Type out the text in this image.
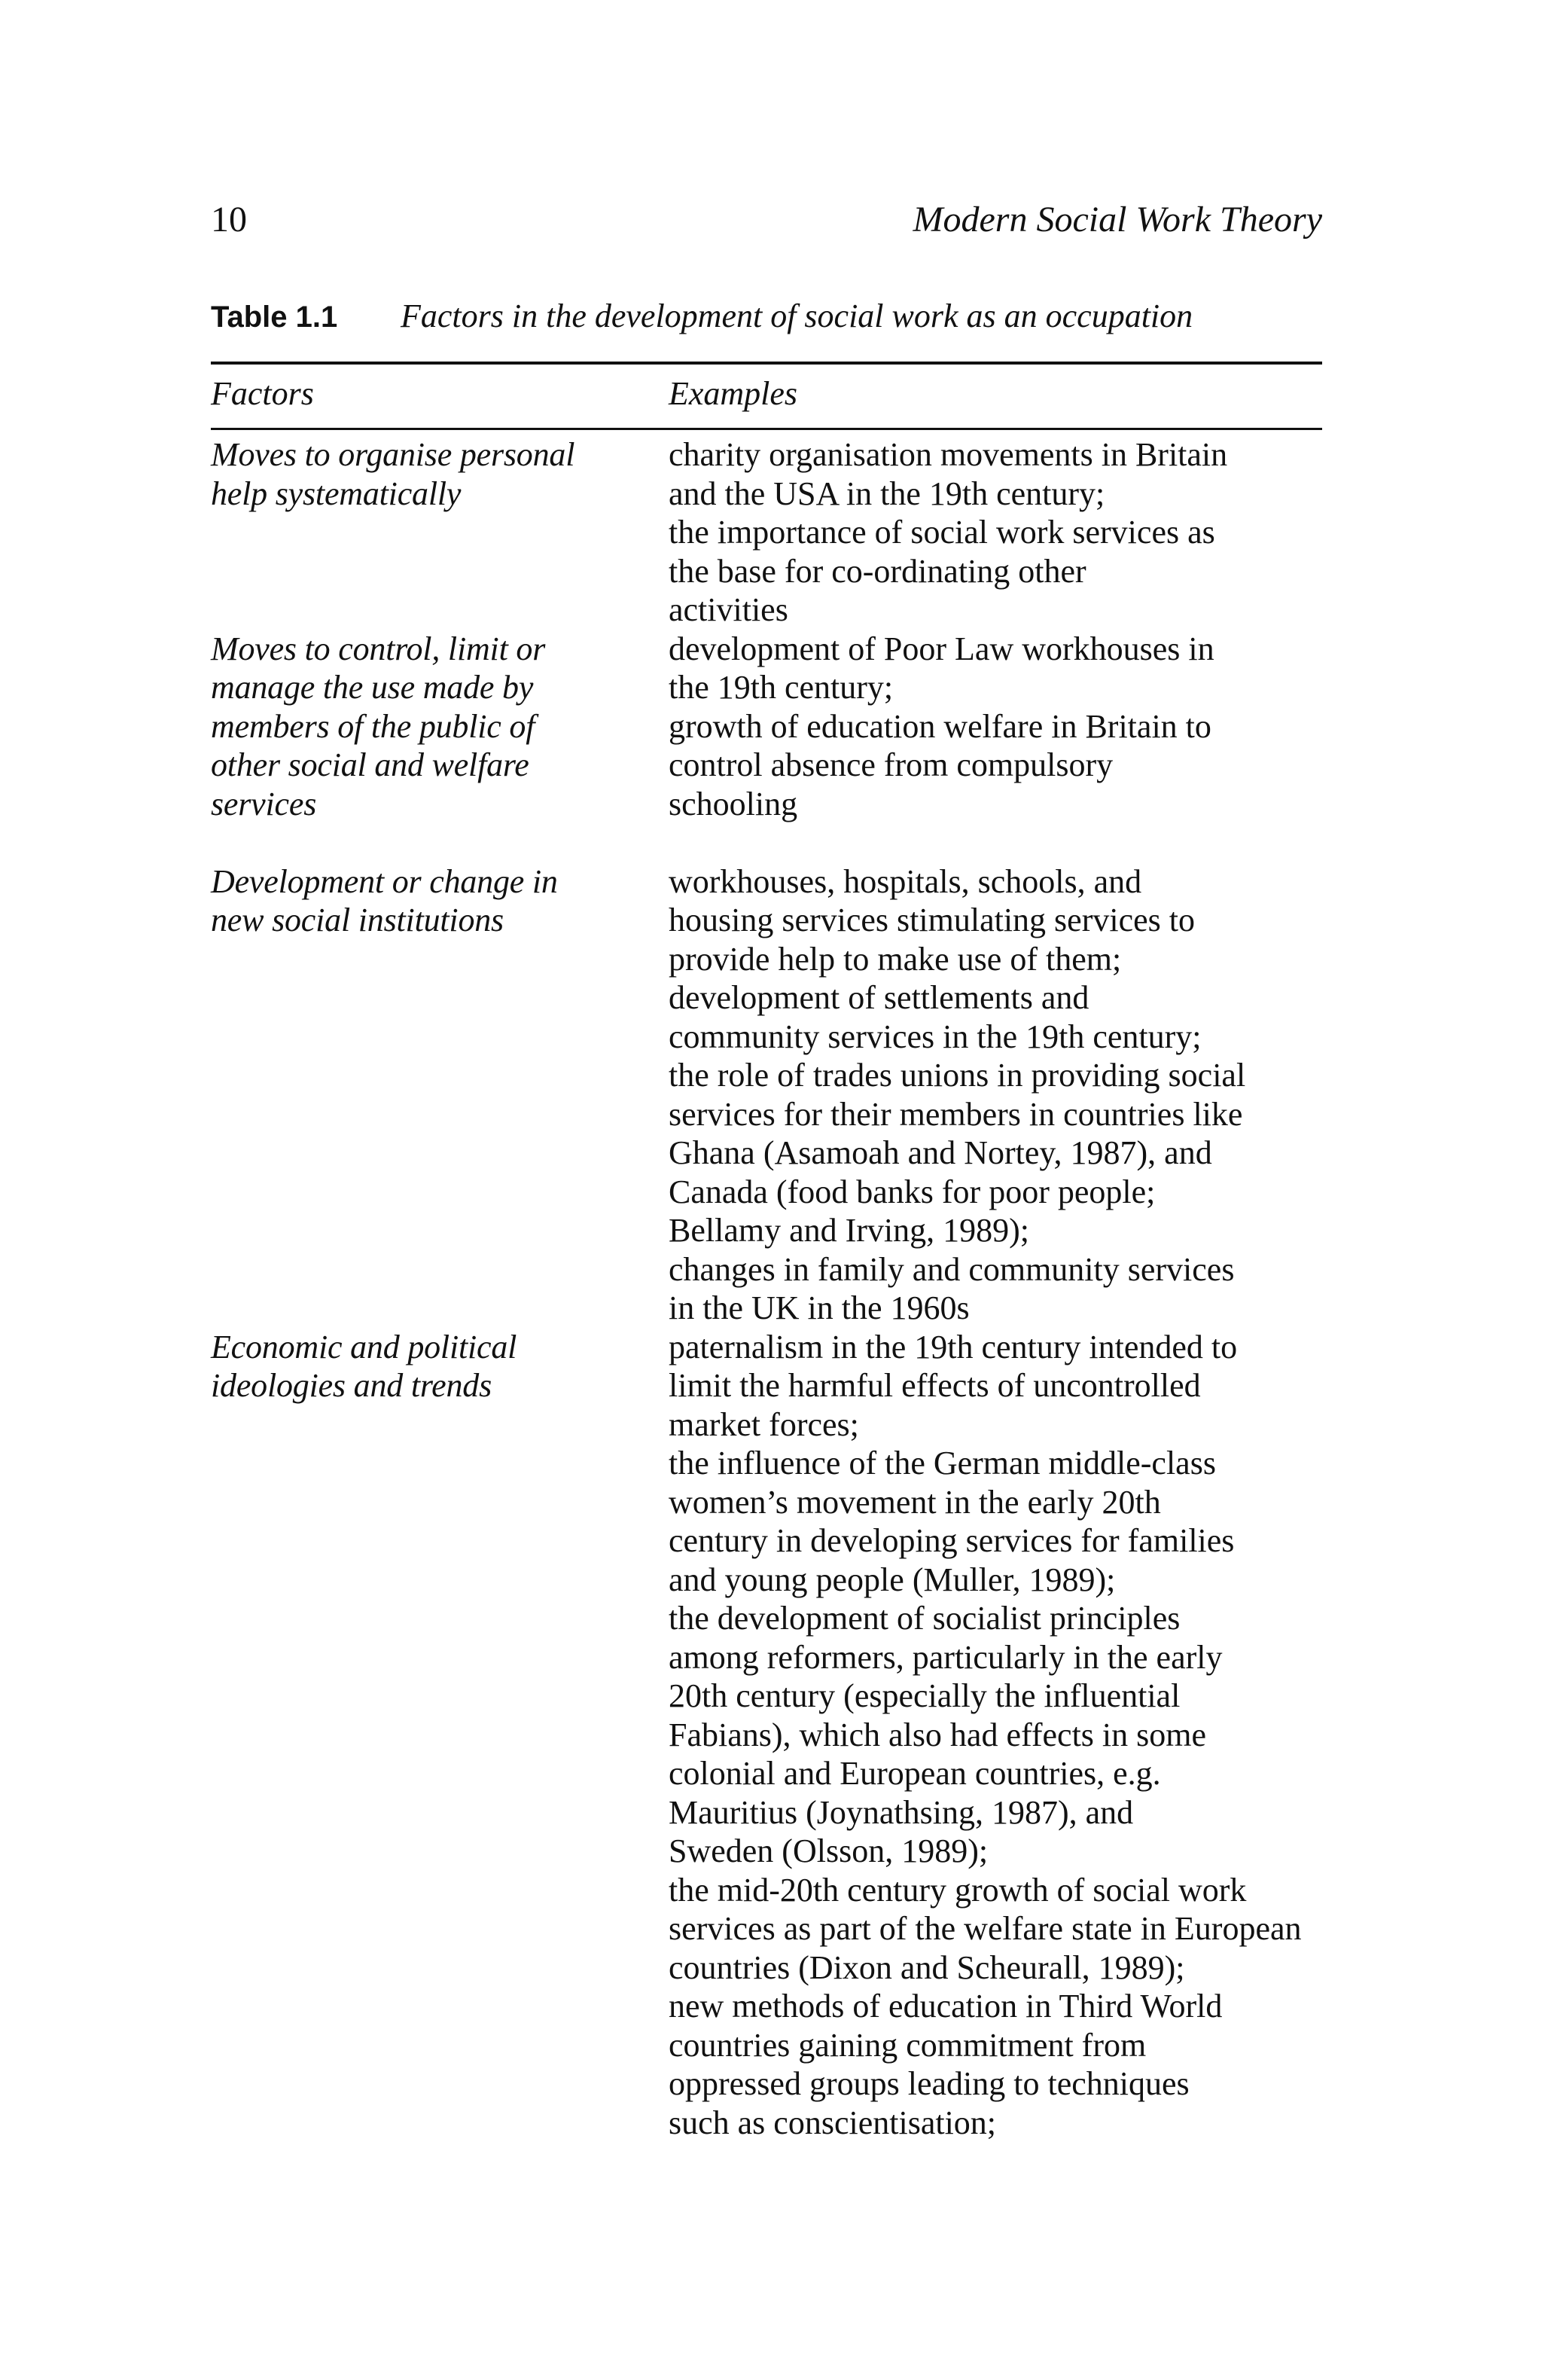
10	Modern Social Work Theory
Table 1.1 Factors in the development of social work as an occupation
Factors	Examples
Moves to organise personal
help systematically
charity organisation movements in Britain
and the USA in the 19th century;
the importance of social work services as
the base for co-ordinating other
activities
Moves to control, limit or
manage the use made by
members of the public of
other social and welfare
services
development of Poor Law workhouses in
the 19th century;
growth of education welfare in Britain to
control absence from compulsory
schooling
Development or change in
new social institutions
workhouses, hospitals, schools, and
housing services stimulating services to
provide help to make use of them;
development of settlements and
community services in the 19th century;
the role of trades unions in providing social
services for their members in countries like
Ghana (Asamoah and Nortey, 1987), and
Canada (food banks for poor people;
Bellamy and Irving, 1989);
changes in family and community services
in the UK in the 1960s
Economic and political
ideologies and trends
paternalism in the 19th century intended to
limit the harmful effects of uncontrolled
market forces;
the influence of the German middle-class
women’s movement in the early 20th
century in developing services for families
and young people (Muller, 1989);
the development of socialist principles
among reformers, particularly in the early
20th century (especially the influential
Fabians), which also had effects in some
colonial and European countries, e.g.
Mauritius (Joynathsing, 1987), and
Sweden (Olsson, 1989);
the mid-20th century growth of social work
services as part of the welfare state in European
countries (Dixon and Scheurall, 1989);
new methods of education in Third World
countries gaining commitment from
oppressed groups leading to techniques
such as conscientisation;
